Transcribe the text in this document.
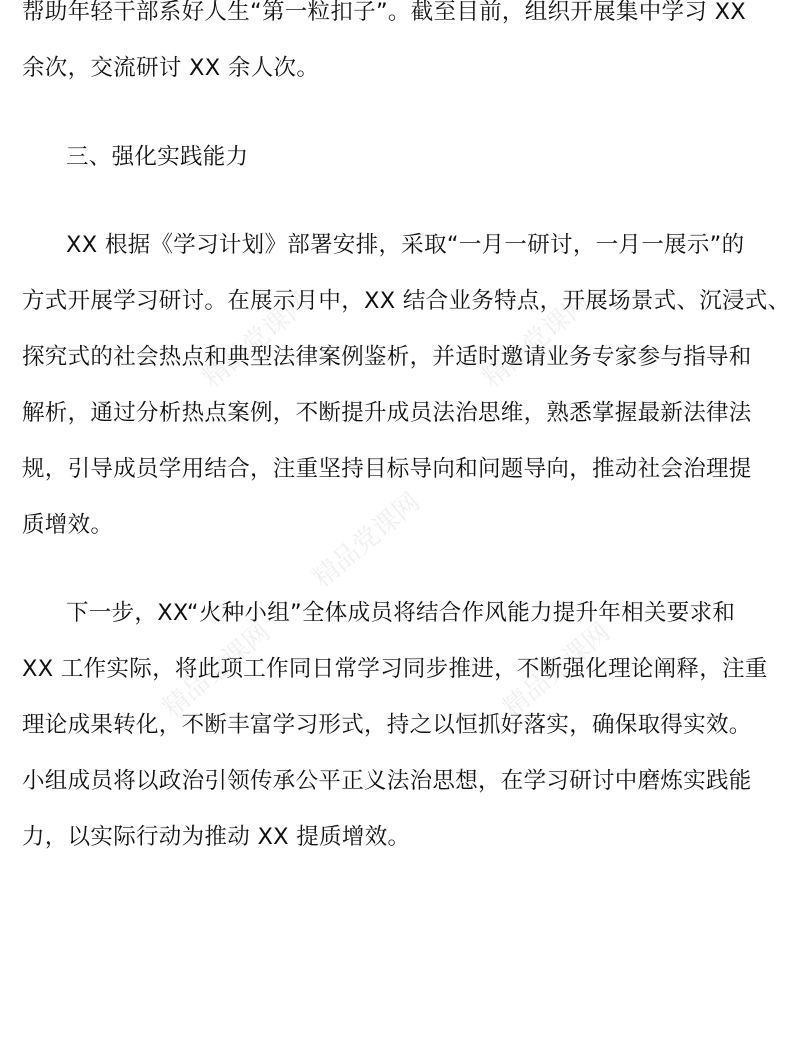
精品党课网	精品党课网
精品党课网
精品党课网	精品党课网
帮助年轻干部系好人生“第一粒扣子”。截至目前，组织开展集中学习 XX
余次，交流研讨 XX 余人次。
三、强化实践能力
XX 根据《学习计划》部署安排，采取“一月一研讨，一月一展示”的
方式开展学习研讨。在展示月中，XX 结合业务特点，开展场景式、沉浸式、
探究式的社会热点和典型法律案例鉴析，并适时邀请业务专家参与指导和
解析，通过分析热点案例，不断提升成员法治思维，熟悉掌握最新法律法
规，引导成员学用结合，注重坚持目标导向和问题导向，推动社会治理提
质增效。
下一步，XX“火种小组”全体成员将结合作风能力提升年相关要求和
XX 工作实际，将此项工作同日常学习同步推进，不断强化理论阐释，注重
理论成果转化，不断丰富学习形式，持之以恒抓好落实，确保取得实效。
小组成员将以政治引领传承公平正义法治思想，在学习研讨中磨炼实践能
力，以实际行动为推动 XX 提质增效。
